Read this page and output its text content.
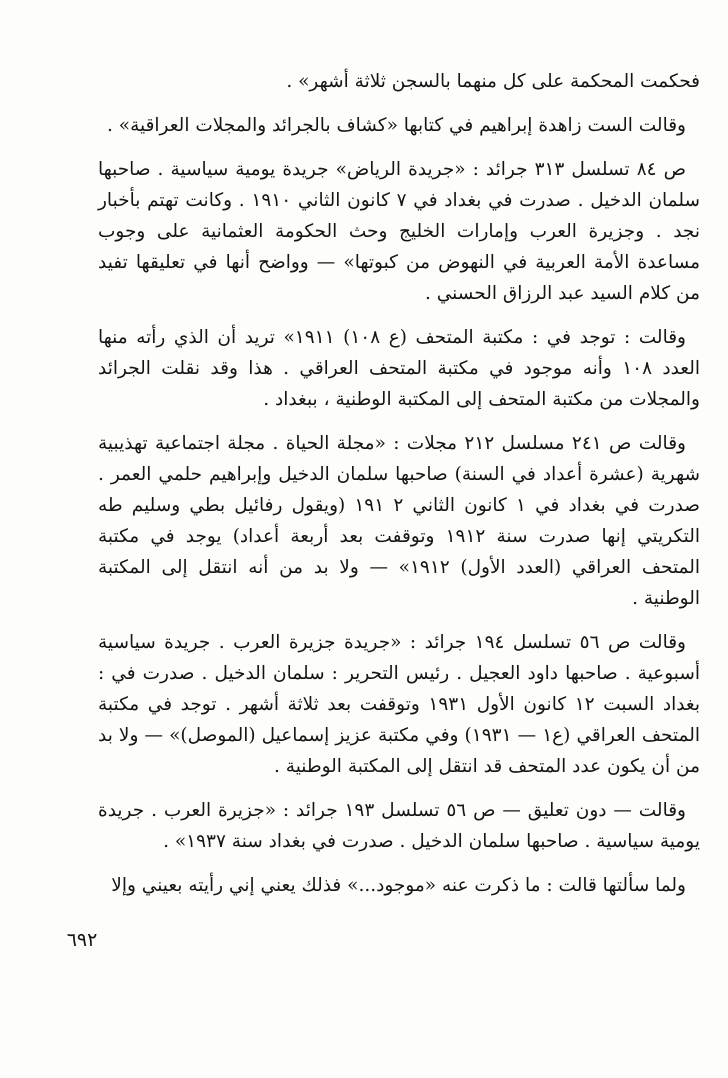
فحكمت المحكمة على كل منهما بالسجن ثلاثة أشهر» .

وقالت الست زاهدة إبراهيم في كتابها «كشاف بالجرائد والمجلات العراقية» .

ص ٨٤ تسلسل ٣١٣ جرائد : «جريدة الرياض» جريدة يومية سياسية . صاحبها سلمان الدخيل . صدرت في بغداد في ٧ كانون الثاني ١٩١٠ . وكانت تهتم بأخبار نجد . وجزيرة العرب وإمارات الخليج وحث الحكومة العثمانية على وجوب مساعدة الأمة العربية في النهوض من كبوتها» — وواضح أنها في تعليقها تفيد من كلام السيد عبد الرزاق الحسني .

وقالت : توجد في : مكتبة المتحف (ع ١٠٨) ١٩١١» تريد أن الذي رأته منها العدد ١٠٨ وأنه موجود في مكتبة المتحف العراقي . هذا وقد نقلت الجرائد والمجلات من مكتبة المتحف إلى المكتبة الوطنية ، ببغداد .

وقالت ص ٢٤١ مسلسل ٢١٢ مجلات : «مجلة الحياة . مجلة اجتماعية تهذيبية شهرية (عشرة أعداد في السنة) صاحبها سلمان الدخيل وإبراهيم حلمي العمر . صدرت في بغداد في ١ كانون الثاني ٢ ١٩١ (ويقول رفائيل بطي وسليم طه التكريتي إنها صدرت سنة ١٩١٢ وتوقفت بعد أربعة أعداد) يوجد في مكتبة المتحف العراقي (العدد الأول) ١٩١٢» — ولا بد من أنه انتقل إلى المكتبة الوطنية .

وقالت ص ٥٦ تسلسل ١٩٤ جرائد : «جريدة جزيرة العرب . جريدة سياسية أسبوعية . صاحبها داود العجيل . رئيس التحرير : سلمان الدخيل . صدرت في : بغداد السبت ١٢ كانون الأول ١٩٣١ وتوقفت بعد ثلاثة أشهر . توجد في مكتبة المتحف العراقي (ع١ — ١٩٣١) وفي مكتبة عزيز إسماعيل (الموصل)» — ولا بد من أن يكون عدد المتحف قد انتقل إلى المكتبة الوطنية .

وقالت — دون تعليق — ص ٥٦ تسلسل ١٩٣ جرائد : «جزيرة العرب . جريدة يومية سياسية . صاحبها سلمان الدخيل . صدرت في بغداد سنة ١٩٣٧» .

ولما سألتها قالت : ما ذكرت عنه «موجود...» فذلك يعني إني رأيته بعيني وإلا

٦٩٢
